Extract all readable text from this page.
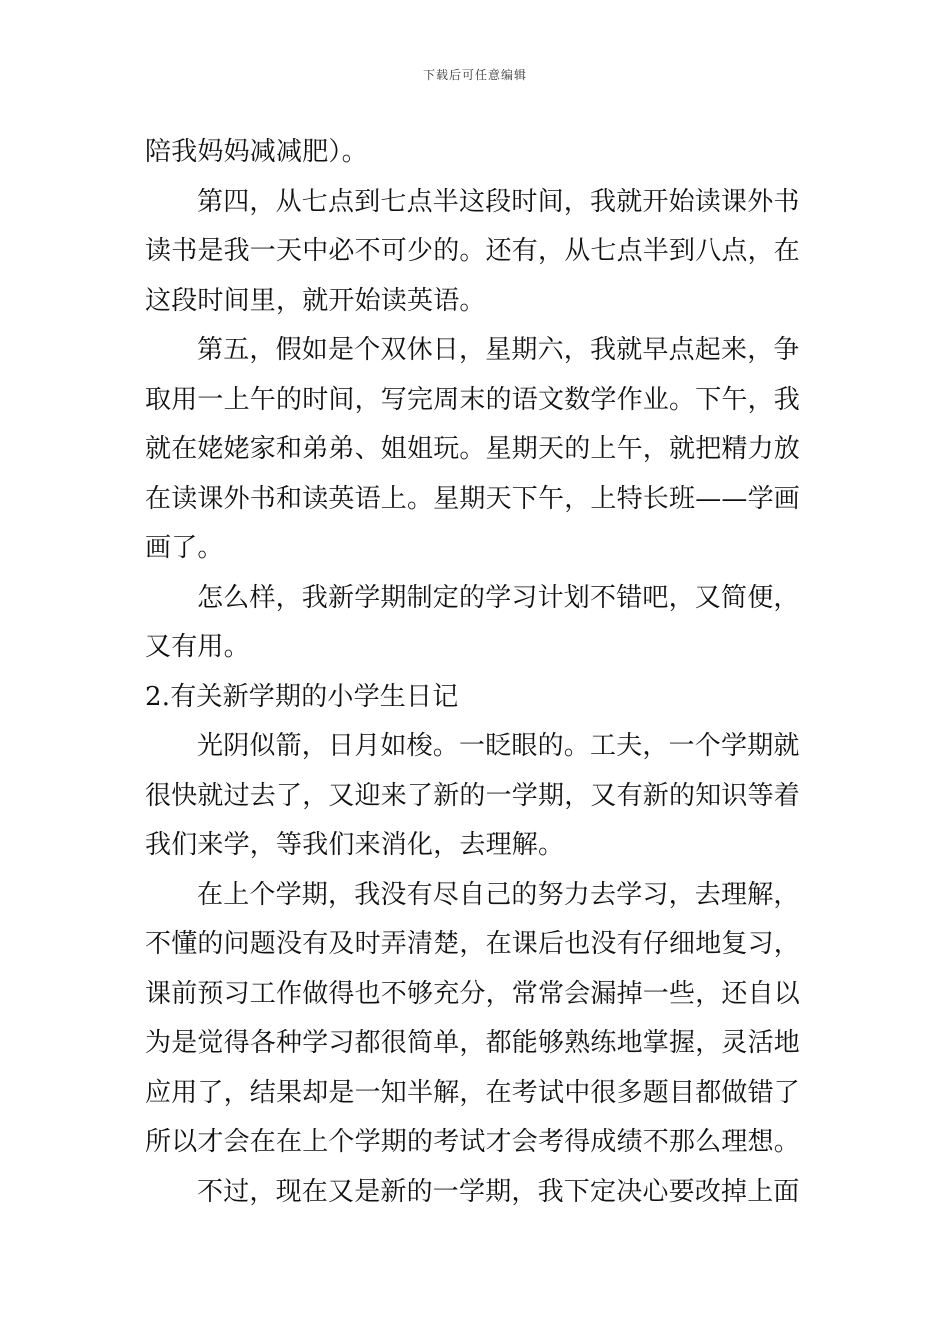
下载后可任意编辑

陪我妈妈减减肥）。

第四，从七点到七点半这段时间，我就开始读课外书读书是我一天中必不可少的。还有，从七点半到八点，在这段时间里，就开始读英语。

第五，假如是个双休日，星期六，我就早点起来，争取用一上午的时间，写完周末的语文数学作业。下午，我就在姥姥家和弟弟、姐姐玩。星期天的上午，就把精力放在读课外书和读英语上。星期天下午，上特长班——学画画了。

怎么样，我新学期制定的学习计划不错吧，又简便，又有用。

2.有关新学期的小学生日记

光阴似箭，日月如梭。一眨眼的。工夫，一个学期就很快就过去了，又迎来了新的一学期，又有新的知识等着我们来学，等我们来消化，去理解。

在上个学期，我没有尽自己的努力去学习，去理解，不懂的问题没有及时弄清楚，在课后也没有仔细地复习，课前预习工作做得也不够充分，常常会漏掉一些，还自以为是觉得各种学习都很简单，都能够熟练地掌握，灵活地应用了，结果却是一知半解，在考试中很多题目都做错了所以才会在在上个学期的考试才会考得成绩不那么理想。

不过，现在又是新的一学期，我下定决心要改掉上面
